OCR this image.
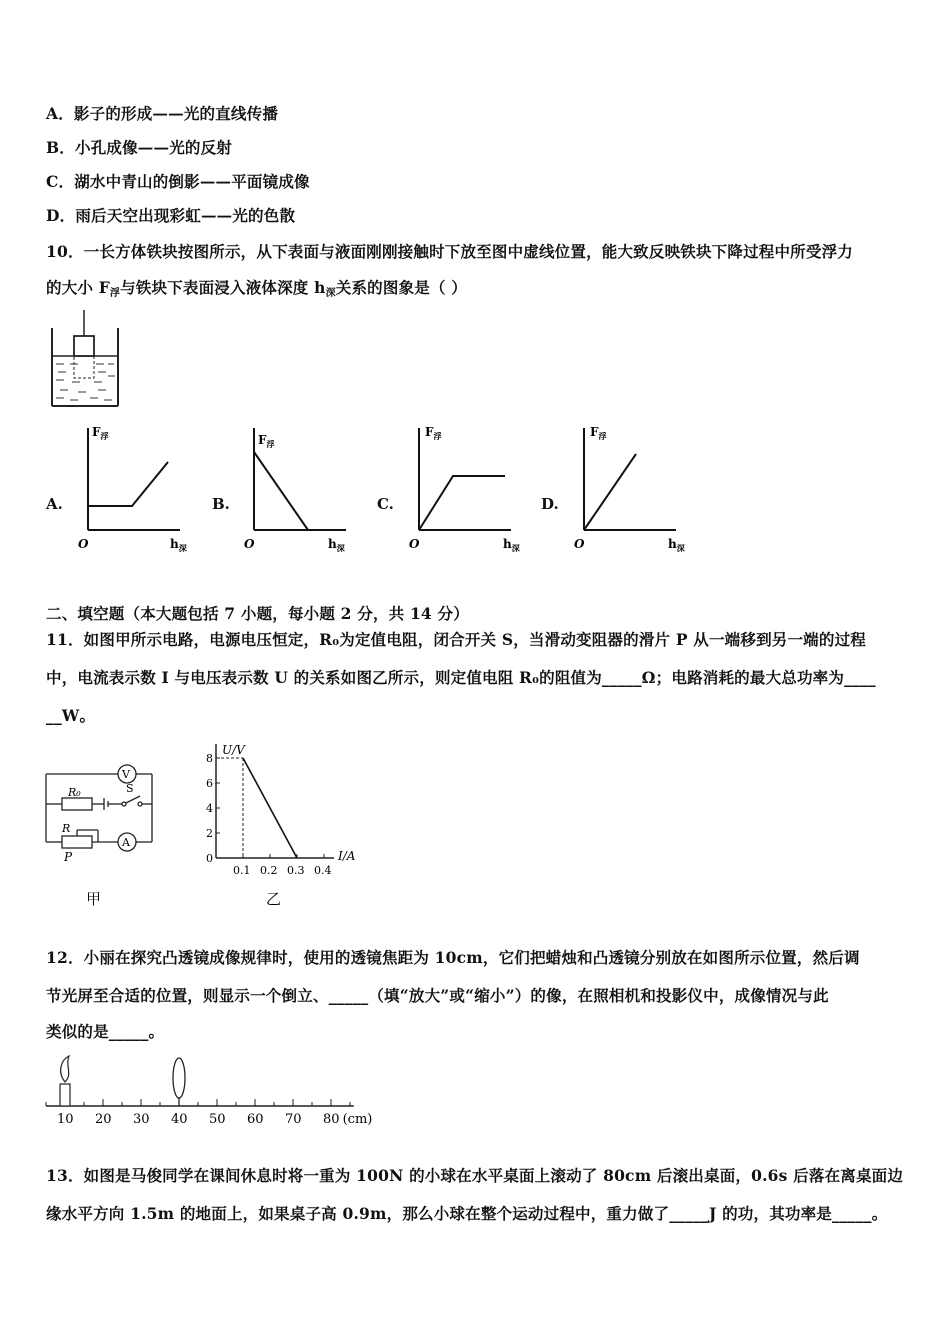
A．影子的形成——光的直线传播
B．小孔成像——光的反射
C．湖水中青山的倒影——平面镜成像
D．雨后天空出现彩虹——光的色散
10．一长方体铁块按图所示，从下表面与液面刚刚接触时下放至图中虚线位置，能大致反映铁块下降过程中所受浮力
的大小 $F_浮$与铁块下表面浸入液体深度 $h_深$关系的图象是（ ）
A.	B.	C.	D.
$F_浮$
O	$h_深$
$F_浮$
O	$h_深$
$F_浮$
O	$h_深$
$F_浮$
O	$h_深$
二、填空题（本大题包括 7 小题，每小题 2 分，共 14 分）
11．如图甲所示电路，电源电压恒定，R₀为定值电阻，闭合开关 S，当滑动变阻器的滑片 P 从一端移到另一端的过程
中，电流表示数 I 与电压表示数 U 的关系如图乙所示，则定值电阻 R₀的阻值为_____Ω；电路消耗的最大总功率为____
__W。
V
A
R₀	S
R
P
甲
U/V
I/A
0
2
4
6
8
0.1 0.2 0.3 0.4
乙
12．小丽在探究凸透镜成像规律时，使用的透镜焦距为 10cm，它们把蜡烛和凸透镜分别放在如图所示位置，然后调
节光屏至合适的位置，则显示一个倒立、_____（填“放大”或“缩小”）的像，在照相机和投影仪中，成像情况与此
类似的是_____。
10 20 30 40 50 60 70 80 (cm)
13．如图是马俊同学在课间休息时将一重为 100N 的小球在水平桌面上滚动了 80cm 后滚出桌面，0.6s 后落在离桌面边
缘水平方向 1.5m 的地面上，如果桌子高 0.9m，那么小球在整个运动过程中，重力做了_____J 的功，其功率是_____。
